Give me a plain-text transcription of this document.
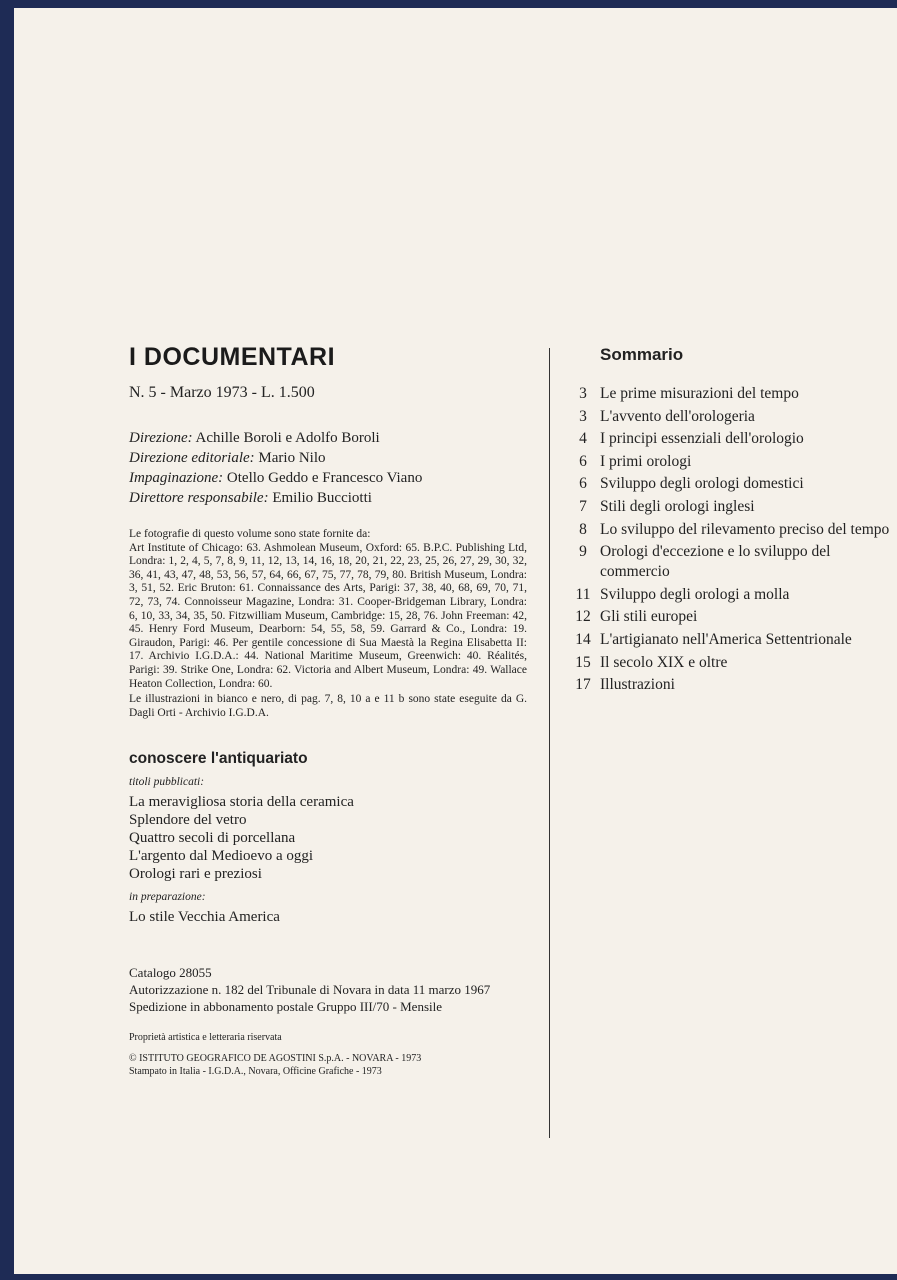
I DOCUMENTARI
N. 5 - Marzo 1973 - L. 1.500
Direzione: Achille Boroli e Adolfo Boroli
Direzione editoriale: Mario Nilo
Impaginazione: Otello Geddo e Francesco Viano
Direttore responsabile: Emilio Bucciotti
Le fotografie di questo volume sono state fornite da:
Art Institute of Chicago: 63. Ashmolean Museum, Oxford: 65. B.P.C. Publishing Ltd, Londra: 1, 2, 4, 5, 7, 8, 9, 11, 12, 13, 14, 16, 18, 20, 21, 22, 23, 25, 26, 27, 29, 30, 32, 36, 41, 43, 47, 48, 53, 56, 57, 64, 66, 67, 75, 77, 78, 79, 80. British Museum, Londra: 3, 51, 52. Eric Bruton: 61. Connaissance des Arts, Parigi: 37, 38, 40, 68, 69, 70, 71, 72, 73, 74. Connoisseur Magazine, Londra: 31. Cooper-Bridgeman Library, Londra: 6, 10, 33, 34, 35, 50. Fitzwilliam Museum, Cambridge: 15, 28, 76. John Freeman: 42, 45. Henry Ford Museum, Dearborn: 54, 55, 58, 59. Garrard & Co., Londra: 19. Giraudon, Parigi: 46. Per gentile concessione di Sua Maestà la Regina Elisabetta II: 17. Archivio I.G.D.A.: 44. National Maritime Museum, Greenwich: 40. Réalités, Parigi: 39. Strike One, Londra: 62. Victoria and Albert Museum, Londra: 49. Wallace Heaton Collection, Londra: 60.
Le illustrazioni in bianco e nero, di pag. 7, 8, 10 a e 11 b sono state eseguite da G. Dagli Orti - Archivio I.G.D.A.
conoscere l'antiquariato
titoli pubblicati:
La meravigliosa storia della ceramica
Splendore del vetro
Quattro secoli di porcellana
L'argento dal Medioevo a oggi
Orologi rari e preziosi
in preparazione:
Lo stile Vecchia America
Catalogo 28055
Autorizzazione n. 182 del Tribunale di Novara in data 11 marzo 1967
Spedizione in abbonamento postale Gruppo III/70 - Mensile
Proprietà artistica e letteraria riservata
© ISTITUTO GEOGRAFICO DE AGOSTINI S.p.A. - NOVARA - 1973
Stampato in Italia - I.G.D.A., Novara, Officine Grafiche - 1973
Sommario
3 Le prime misurazioni del tempo
3 L'avvento dell'orologeria
4 I principi essenziali dell'orologio
6 I primi orologi
6 Sviluppo degli orologi domestici
7 Stili degli orologi inglesi
8 Lo sviluppo del rilevamento preciso del tempo
9 Orologi d'eccezione e lo sviluppo del commercio
11 Sviluppo degli orologi a molla
12 Gli stili europei
14 L'artigianato nell'America Settentrionale
15 Il secolo XIX e oltre
17 Illustrazioni
